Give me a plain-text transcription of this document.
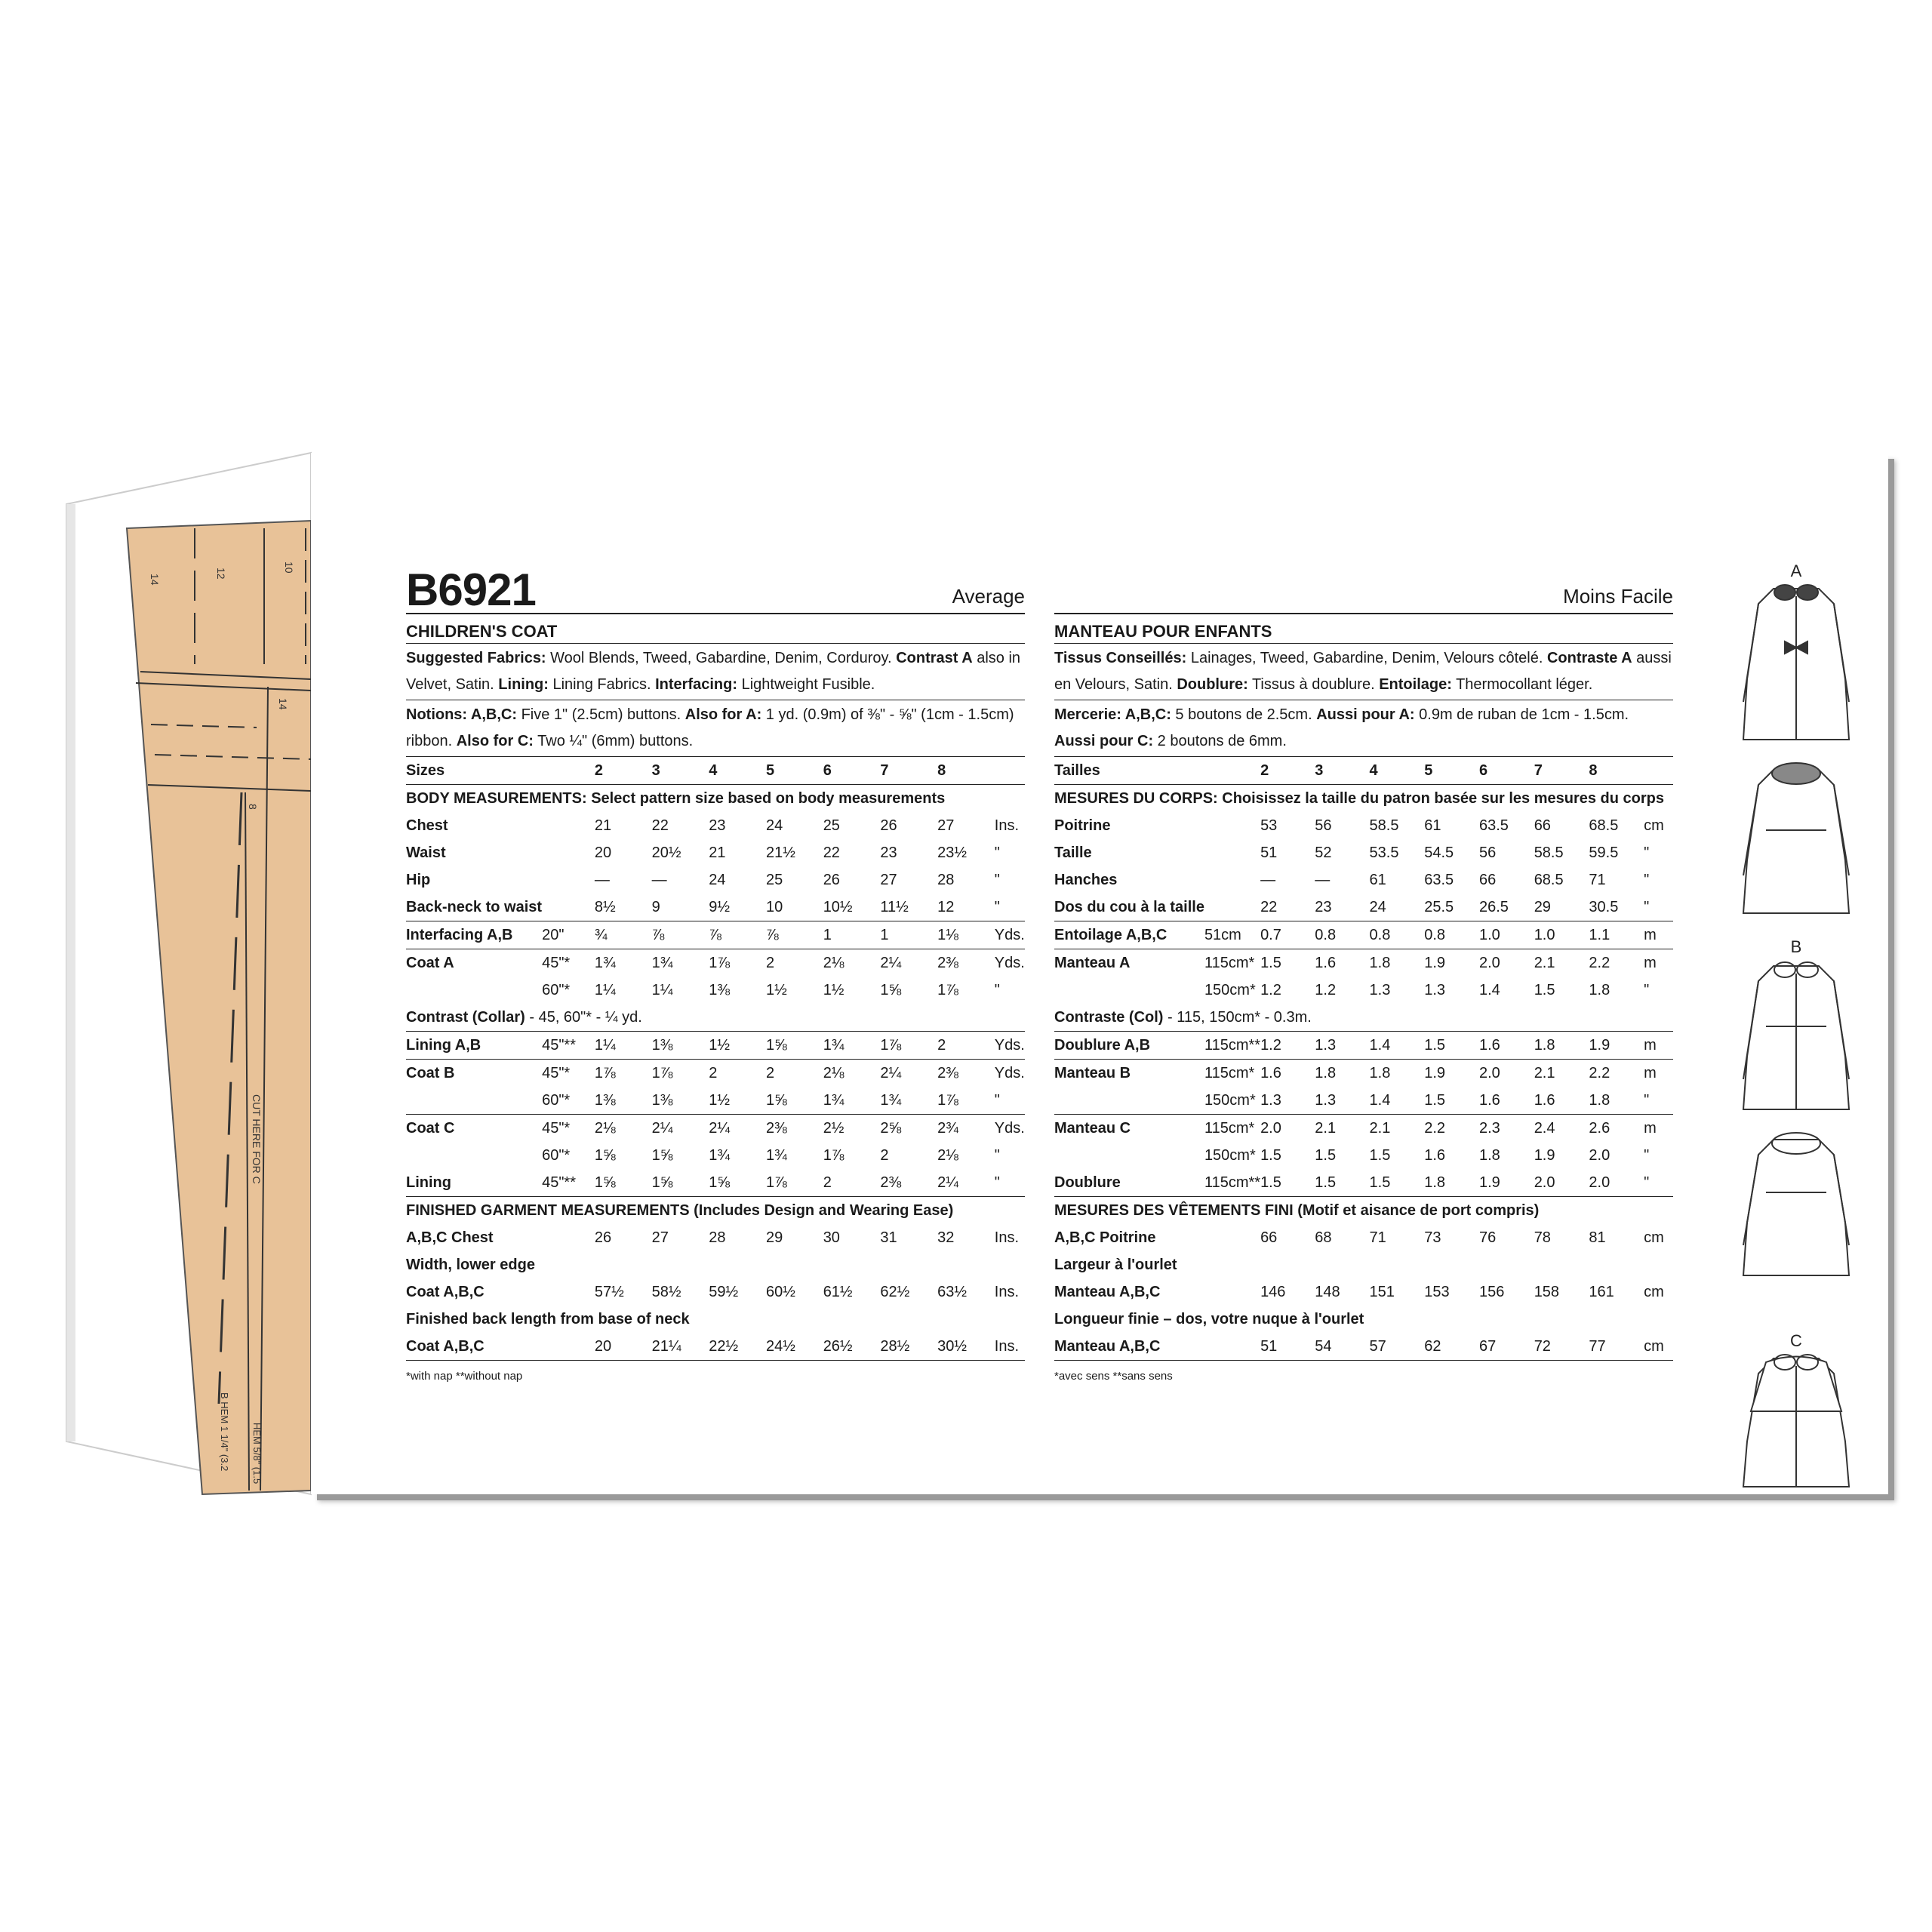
14
12
10
14
8
CUT HERE FOR C
B HEM 1 1/4" (3.2 HEM 5/8" (1.5
B6921	Average
CHILDREN'S COAT
Suggested Fabrics: Wool Blends, Tweed, Gabardine, Denim, Corduroy. Contrast A also in Velvet, Satin. Lining: Lining Fabrics. Interfacing: Lightweight Fusible.
Notions: A,B,C: Five 1" (2.5cm) buttons. Also for A: 1 yd. (0.9m) of ⅜" - ⅝" (1cm - 1.5cm) ribbon. Also for C: Two ¼" (6mm) buttons.
Sizes		2	3	4	5	6	7	8	
BODY MEASUREMENTS: Select pattern size based on body measurements									
Chest		21	22	23	24	25	26	27	Ins.
Waist		20	20½	21	21½	22	23	23½	"
Hip		—	—	24	25	26	27	28	"
Back-neck to waist		8½	9	9½	10	10½	11½	12	"
Interfacing A,B	20"	¾	⅞	⅞	⅞	1	1	1⅛	Yds.
Coat A	45"*	1¾	1¾	1⅞	2	2⅛	2¼	2⅜	Yds.
	60"*	1¼	1¼	1⅜	1½	1½	1⅝	1⅞	"
Contrast (Collar) - 45, 60"* - ¼ yd.									
Lining A,B	45"**	1¼	1⅜	1½	1⅝	1¾	1⅞	2	Yds.
Coat B	45"*	1⅞	1⅞	2	2	2⅛	2¼	2⅜	Yds.
	60"*	1⅜	1⅜	1½	1⅝	1¾	1¾	1⅞	"
Coat C	45"*	2⅛	2¼	2¼	2⅜	2½	2⅝	2¾	Yds.
	60"*	1⅝	1⅝	1¾	1¾	1⅞	2	2⅛	"
Lining	45"**	1⅝	1⅝	1⅝	1⅞	2	2⅜	2¼	"
FINISHED GARMENT MEASUREMENTS (Includes Design and Wearing Ease)									
A,B,C Chest		26	27	28	29	30	31	32	Ins.
Width, lower edge									
Coat A,B,C		57½	58½	59½	60½	61½	62½	63½	Ins.
Finished back length from base of neck									
Coat A,B,C		20	21¼	22½	24½	26½	28½	30½	Ins.
*with nap **without nap
Moins Facile
MANTEAU POUR ENFANTS
Tissus Conseillés: Lainages, Tweed, Gabardine, Denim, Velours côtelé. Contraste A aussi en Velours, Satin. Doublure: Tissus à doublure. Entoilage: Thermocollant léger.
Mercerie: A,B,C: 5 boutons de 2.5cm. Aussi pour A: 0.9m de ruban de 1cm - 1.5cm. Aussi pour C: 2 boutons de 6mm.
Tailles		2	3	4	5	6	7	8	
MESURES DU CORPS: Choisissez la taille du patron basée sur les mesures du corps									
Poitrine		53	56	58.5	61	63.5	66	68.5	cm
Taille		51	52	53.5	54.5	56	58.5	59.5	"
Hanches		—	—	61	63.5	66	68.5	71	"
Dos du cou à la taille		22	23	24	25.5	26.5	29	30.5	"
Entoilage A,B,C	51cm	0.7	0.8	0.8	0.8	1.0	1.0	1.1	m
Manteau A	115cm*	1.5	1.6	1.8	1.9	2.0	2.1	2.2	m
	150cm*	1.2	1.2	1.3	1.3	1.4	1.5	1.8	"
Contraste (Col) - 115, 150cm* - 0.3m.									
Doublure A,B	115cm**	1.2	1.3	1.4	1.5	1.6	1.8	1.9	m
Manteau B	115cm*	1.6	1.8	1.8	1.9	2.0	2.1	2.2	m
	150cm*	1.3	1.3	1.4	1.5	1.6	1.6	1.8	"
Manteau C	115cm*	2.0	2.1	2.1	2.2	2.3	2.4	2.6	m
	150cm*	1.5	1.5	1.5	1.6	1.8	1.9	2.0	"
Doublure	115cm**	1.5	1.5	1.5	1.8	1.9	2.0	2.0	"
MESURES DES VÊTEMENTS FINI (Motif et aisance de port compris)									
A,B,C Poitrine		66	68	71	73	76	78	81	cm
Largeur à l'ourlet									
Manteau A,B,C		146	148	151	153	156	158	161	cm
Longueur finie – dos, votre nuque à l'ourlet									
Manteau A,B,C		51	54	57	62	67	72	77	cm
*avec sens **sans sens
A
B
C
